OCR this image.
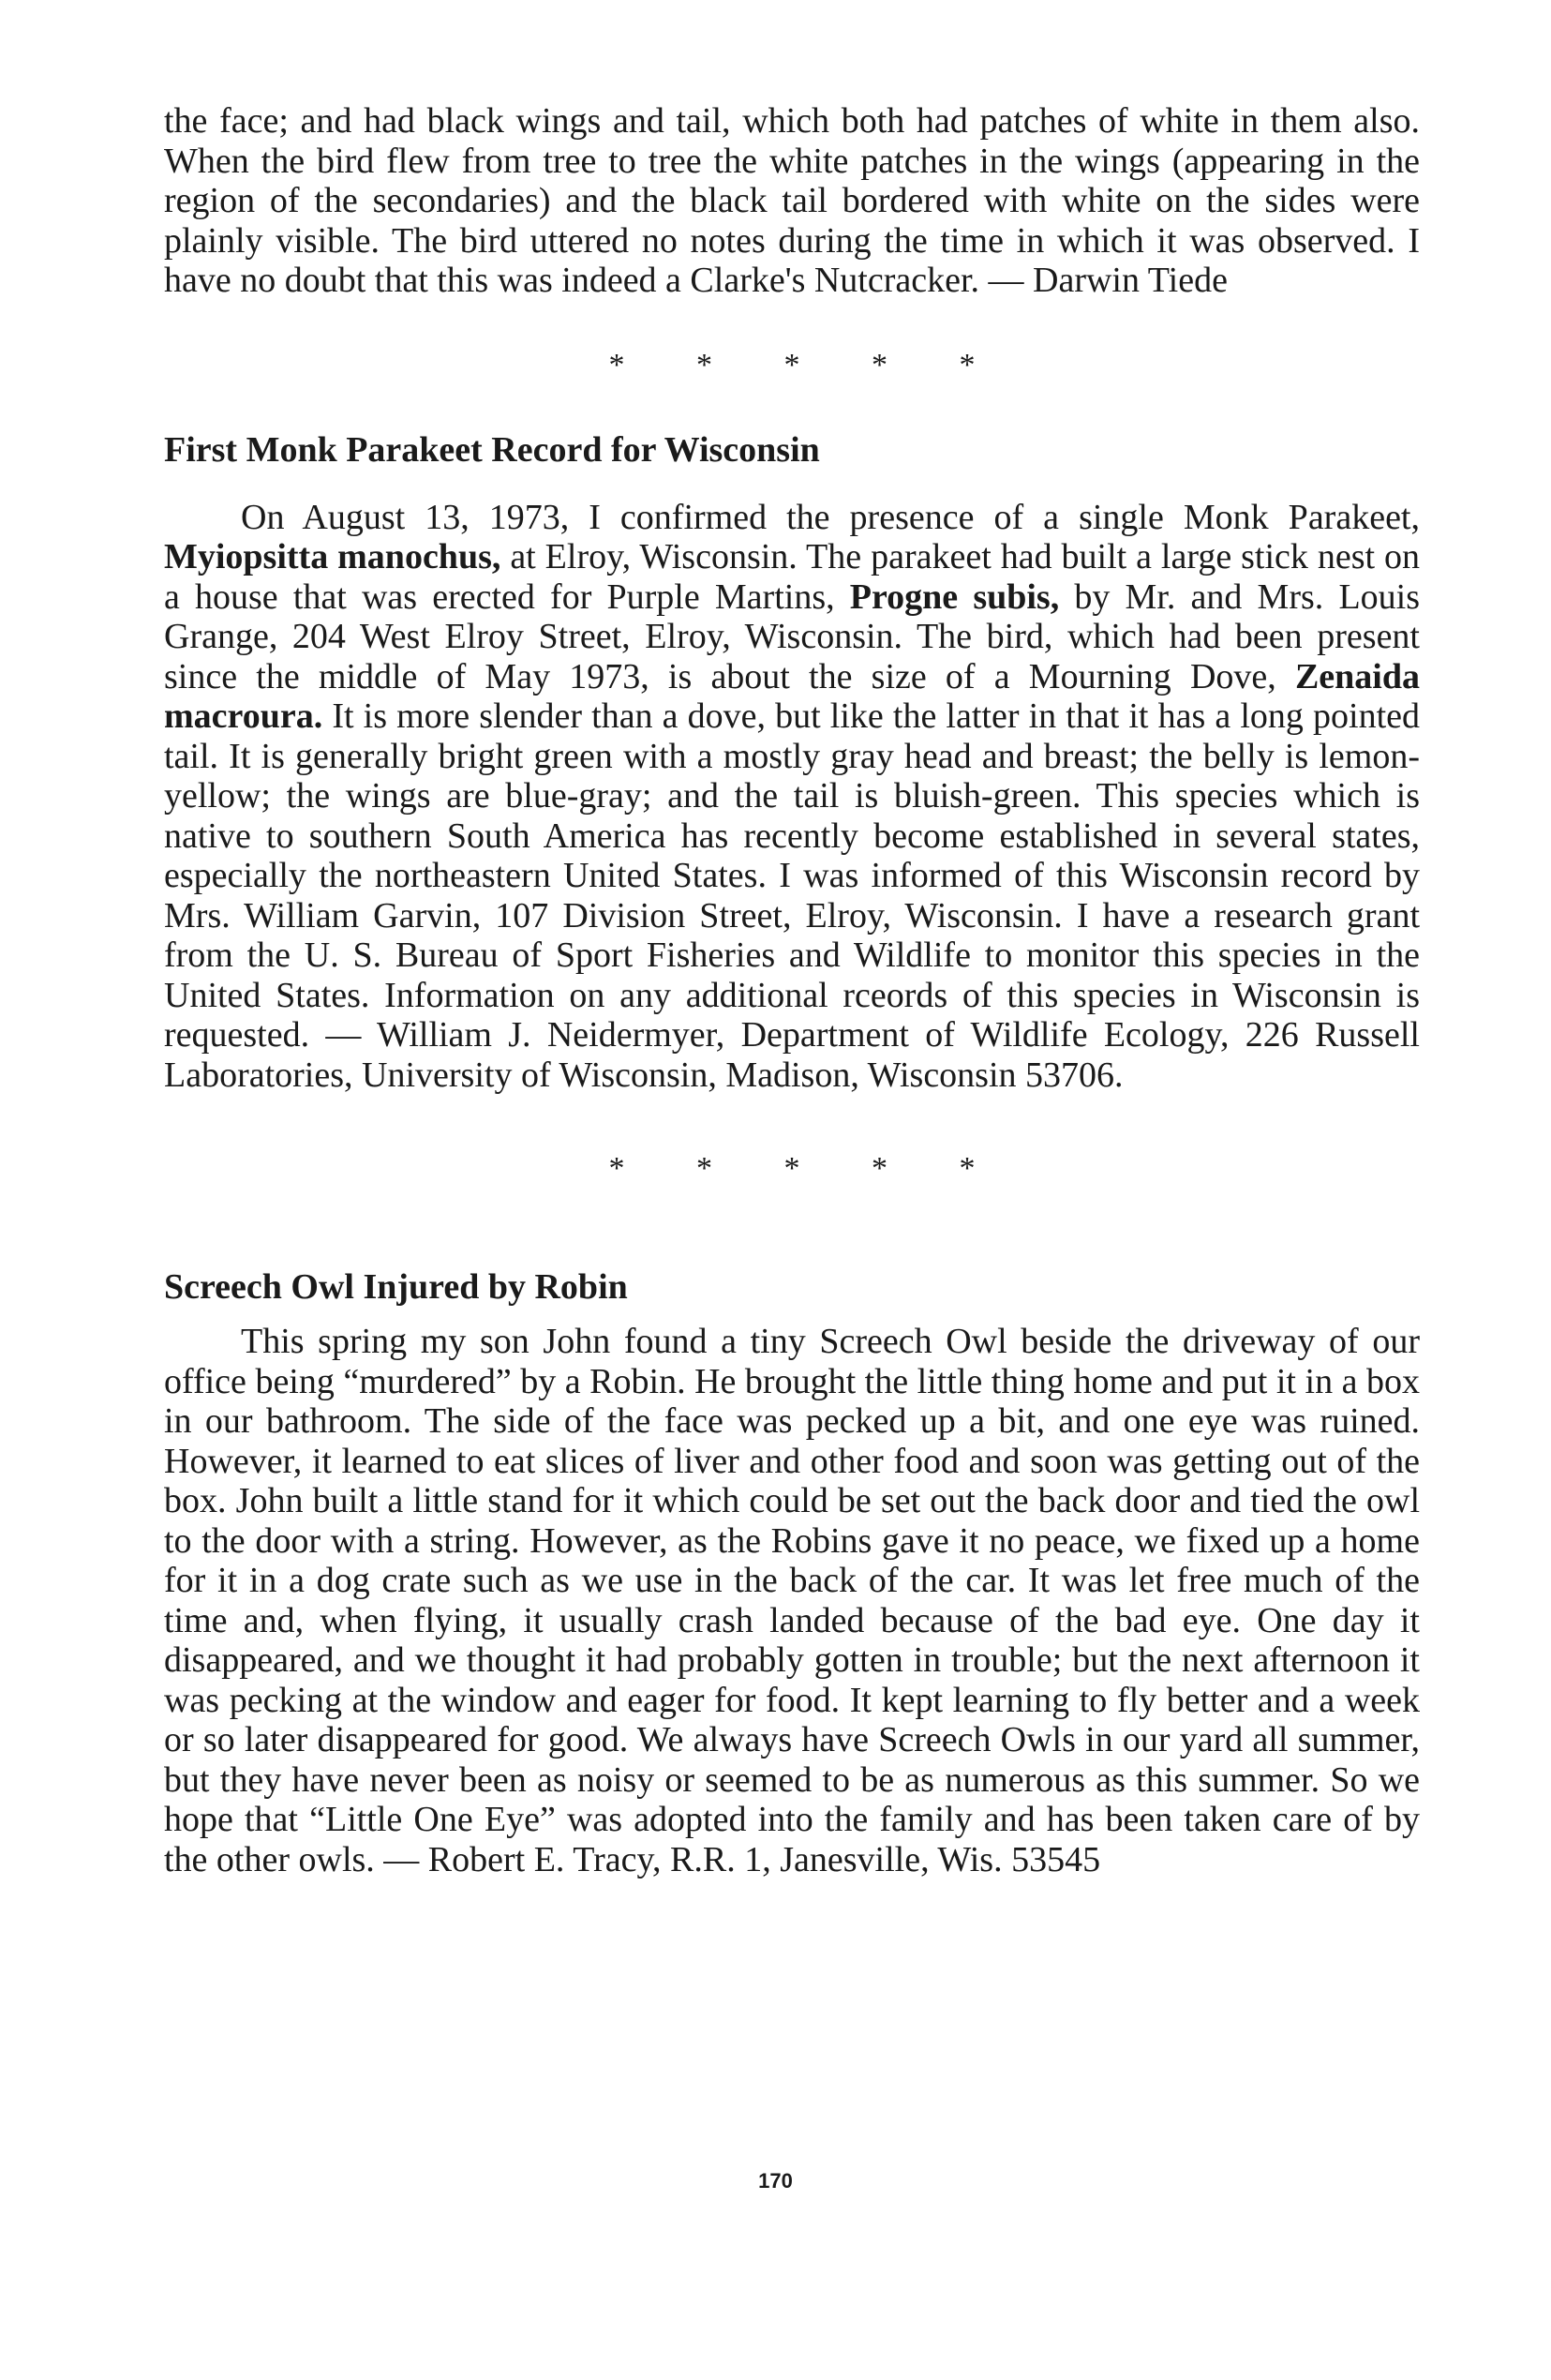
the face; and had black wings and tail, which both had patches of white in them also. When the bird flew from tree to tree the white patches in the wings (appearing in the region of the secondaries) and the black tail bordered with white on the sides were plainly visible. The bird uttered no notes during the time in which it was observed. I have no doubt that this was indeed a Clarke's Nutcracker. — Darwin Tiede

* * * * *
First Monk Parakeet Record for Wisconsin

On August 13, 1973, I confirmed the presence of a single Monk Parakeet, Myiopsitta manochus, at Elroy, Wisconsin. The parakeet had built a large stick nest on a house that was erected for Purple Martins, Progne subis, by Mr. and Mrs. Louis Grange, 204 West Elroy Street, Elroy, Wisconsin. The bird, which had been present since the middle of May 1973, is about the size of a Mourning Dove, Zenaida macroura. It is more slender than a dove, but like the latter in that it has a long pointed tail. It is generally bright green with a mostly gray head and breast; the belly is lemon-yellow; the wings are blue-gray; and the tail is bluish-green. This species which is native to southern South America has recently become established in several states, especially the northeastern United States. I was informed of this Wisconsin record by Mrs. William Garvin, 107 Division Street, Elroy, Wisconsin. I have a research grant from the U. S. Bureau of Sport Fisheries and Wildlife to monitor this species in the United States. Information on any additional rceords of this species in Wisconsin is requested. — William J. Neidermyer, Department of Wildlife Ecology, 226 Russell Laboratories, University of Wisconsin, Madison, Wisconsin 53706.

* * * * *
Screech Owl Injured by Robin

This spring my son John found a tiny Screech Owl beside the driveway of our office being “murdered” by a Robin. He brought the little thing home and put it in a box in our bathroom. The side of the face was pecked up a bit, and one eye was ruined. However, it learned to eat slices of liver and other food and soon was getting out of the box. John built a little stand for it which could be set out the back door and tied the owl to the door with a string. However, as the Robins gave it no peace, we fixed up a home for it in a dog crate such as we use in the back of the car. It was let free much of the time and, when flying, it usually crash landed because of the bad eye. One day it disappeared, and we thought it had probably gotten in trouble; but the next afternoon it was pecking at the window and eager for food. It kept learning to fly better and a week or so later disappeared for good. We always have Screech Owls in our yard all summer, but they have never been as noisy or seemed to be as numerous as this summer. So we hope that “Little One Eye” was adopted into the family and has been taken care of by the other owls. — Robert E. Tracy, R.R. 1, Janesville, Wis. 53545

170
